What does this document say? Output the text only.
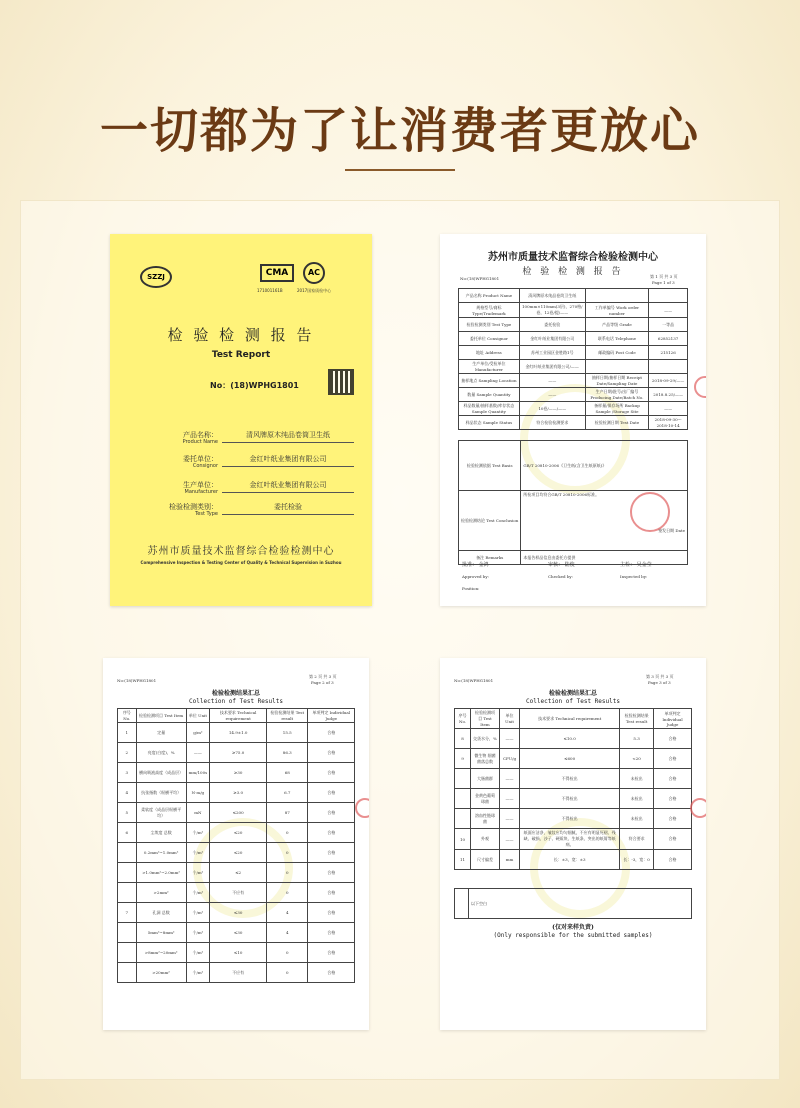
一切都为了让消费者更放心
SZZJ	CMA
171001161B
AC
2017国家质检中心
检 验 检 测 报 告
Test Report
No：(18)WPHG1801
产品名称：
Product Name
清风牌原木纯品卷筒卫生纸
委托单位：
Consignor
金红叶纸业集团有限公司
生产单位：
Manufacturer
金红叶纸业集团有限公司
检验检测类别：
Test Type
委托检验
苏州市质量技术监督综合检验检测中心
Comprehensive Inspection & Testing Center of Quality & Technical Supervision in Suzhou
苏州市质量技术监督综合检验检测中心
检 验 检 测 报 告
No:(18)WPHG1801	第 1 页 共 3 页
Page 1 of 3
产品名称 Product Name	清风牌原木纯品卷筒卫生纸		
规格型号/商标 Type/Trademark	100mm×110mm(3层)，270格/卷，12卷/提/——	工作单编号 Work order number	——
检验检测类别 Test Type	委托检验	产品等级 Grade	一等品
委托单位 Consignor	金红叶纸业集团有限公司	联系电话 Telephone	62852137
地址 Address	苏州工业园区金胜路1号	邮政编码 Post Code	215126
生产单位/受检单位 Manufacturer	金红叶纸业集团有限公司/——		
抽样地点 Sampling Location	——	抽样日期/抽样日期 Receipt Date/Sampling Date	2018-09-29/——
数量 Sample Quantity	——	生产日期/批号/出厂编号 Producing Date/Batch No.	2018.8.25/——
样品数量/抽样基数/库存状态 Sample Quantity	10卷/——/——	备样量/保存场所 Backup Sample /Storage Site	——
样品状态 Sample Status	符合检验检测要求	检验检测日期 Test Date	2018-09-30～2018-10-14
检验检测依据 Test Basis	GB/T 20810-2006《卫生纸(含卫生纸原纸)》
检验检测结论 Test Conclusion	所检项目均符合GB/T 20810-2006标准。
签发日期 Date

备注 Remarks	本报告样品信息由委托方提供
批准： 金鸿	审核： 陆俊	主检： 吴金莹
Approved by:	Checked by:	Inspected by:
Position:
No:(18)WPHG1801
第 2 页 共 3 页
Page 2 of 3
检验检测结果汇总
Collection of Test Results
序号 No.	检验检测项目 Test Item	单位 Unit	技术要求 Technical requirement	检验检测结果 Test result	单项判定 Individual Judge
1	定量	g/m²	14.9±1.0	15.5	合格
2	亮度(白度)，%	——	≥75.0	86.3	合格
3	横向吸液高度（成品层）	mm/100s	≥30	68	合格
4	抗张指数（纵横平均）	N·m/g	≥3.0	6.7	合格
5	柔软度（成品层纵横平均）	mN	≤200	87	合格
6	尘埃度 总数	个/m²	≤20	0	合格
	0.2mm²~1.0mm²	个/m²	≤20	0	合格
	>1.0mm²~2.0mm²	个/m²	≤2	0	合格
	>2mm²	个/m²	不应有	0	合格
7	孔洞 总数	个/m²	≤30	4	合格
	5mm²~8mm²	个/m²	≤30	4	合格
	>8mm²~20mm²	个/m²	≤10	0	合格
	>20mm²	个/m²	不应有	0	合格
No:(18)WPHG1801
第 3 页 共 3 页
Page 3 of 3
检验检测结果汇总
Collection of Test Results
序号 No.	检验检测项目 Test Item	单位 Unit	技术要求 Technical requirement	检验检测结果 Test result	单项判定 Individual Judge
8	交货水分，%	——	≤10.0	5.3	合格
9	微生物 细菌菌落总数	CFU/g	≤600	<20	合格
	大肠菌群	——	不得检出	未检出	合格
	金黄色葡萄球菌	——	不得检出	未检出	合格
	溶血性链球菌	——	不得检出	未检出	合格
10	外观	——	纸面应洁净，皱纹应均匀细腻，不应有明显死褶、残缺、破损、沙子、硬质块、生纸条、突出的纸屑等纸病。	符合要求	合格
11	尺寸偏差	mm	长：±3，宽：±3	长：-3，宽：0	合格
	以下空白
(仅对来样负责)
(Only responsible for the submitted samples)
